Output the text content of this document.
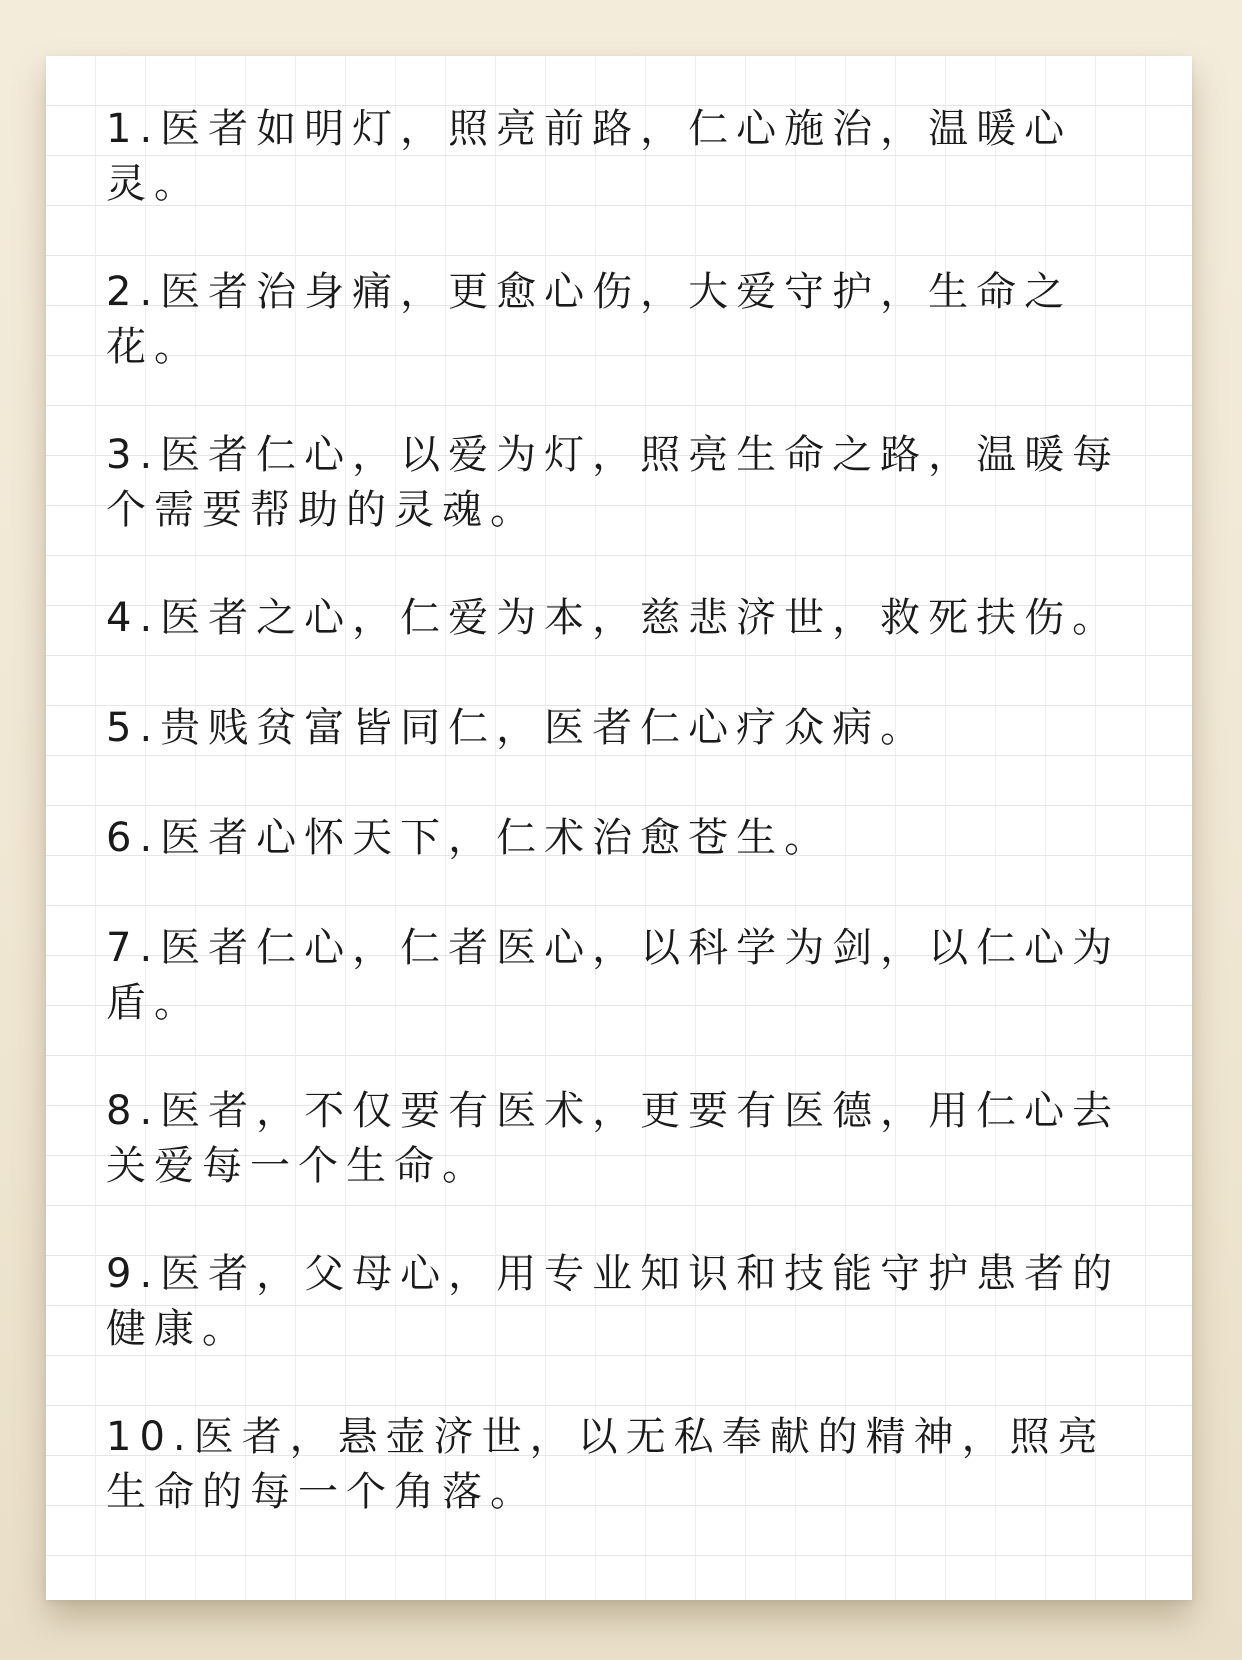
1.医者如明灯，照亮前路，仁心施治，温暖心灵。
2.医者治身痛，更愈心伤，大爱守护，生命之花。
3.医者仁心，以爱为灯，照亮生命之路，温暖每个需要帮助的灵魂。
4.医者之心，仁爱为本，慈悲济世，救死扶伤。
5.贵贱贫富皆同仁，医者仁心疗众病。
6.医者心怀天下，仁术治愈苍生。
7.医者仁心，仁者医心，以科学为剑，以仁心为盾。
8.医者，不仅要有医术，更要有医德，用仁心去关爱每一个生命。
9.医者，父母心，用专业知识和技能守护患者的健康。
10.医者，悬壶济世，以无私奉献的精神，照亮生命的每一个角落。
